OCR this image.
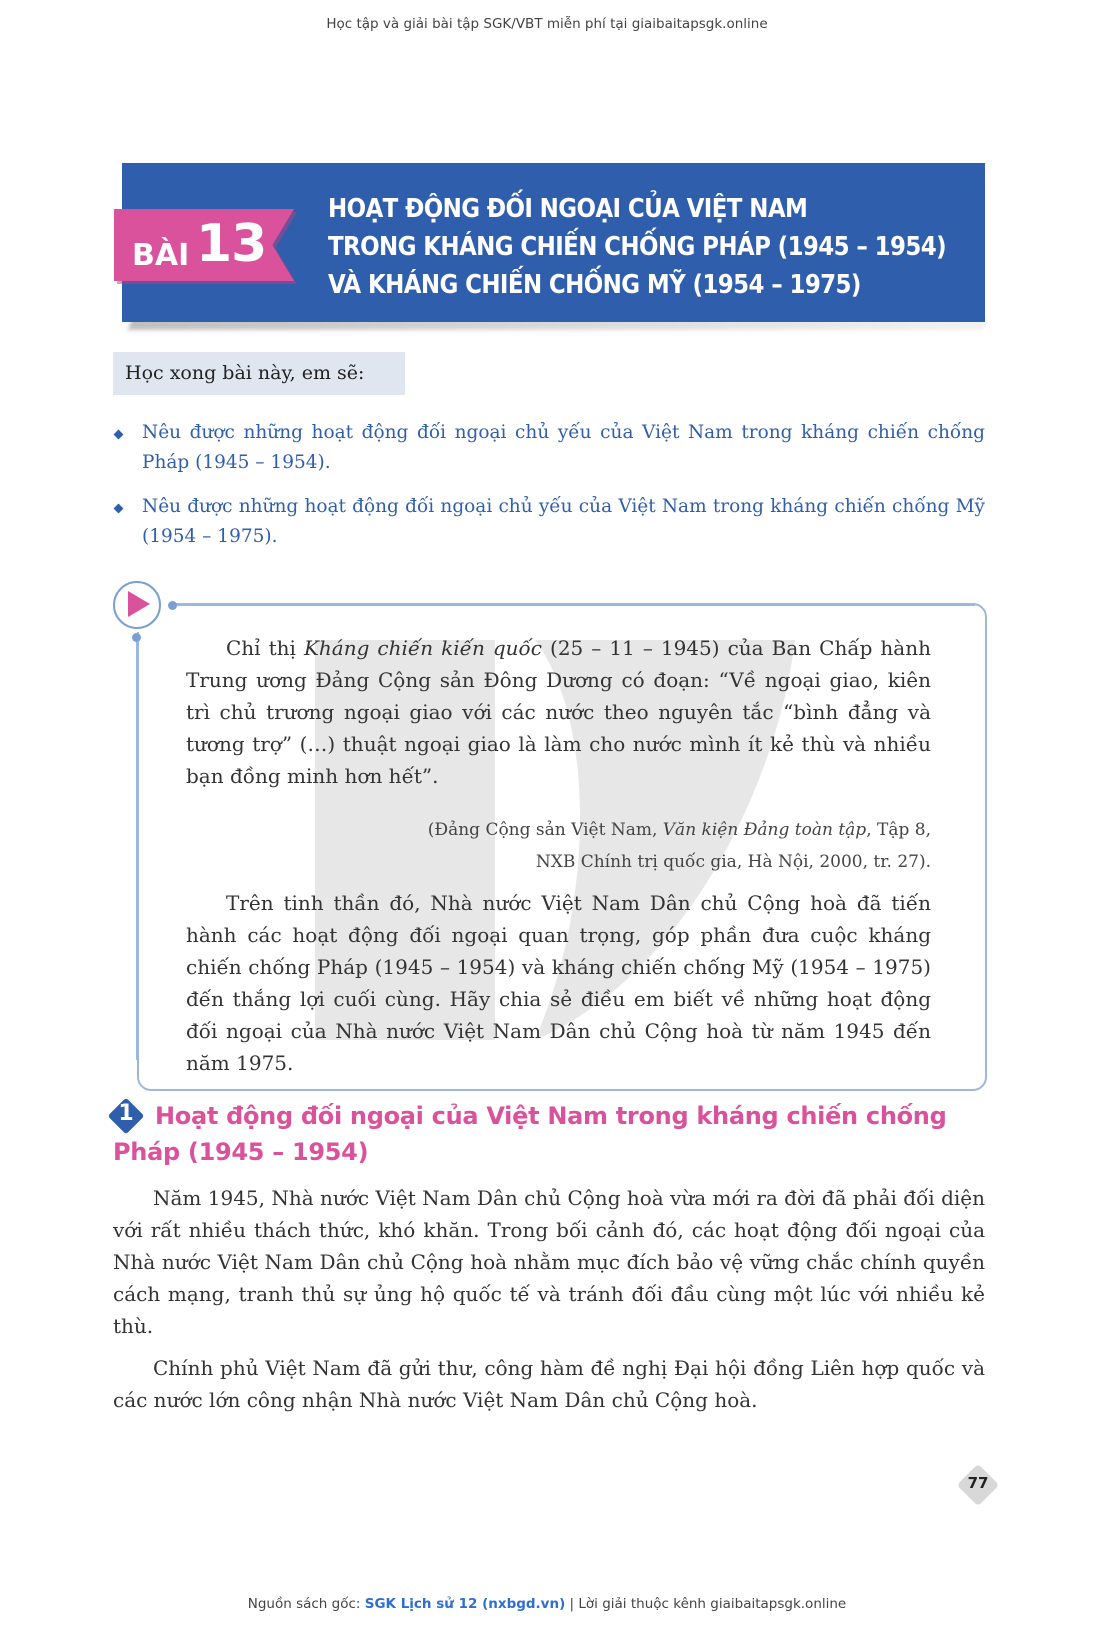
Học tập và giải bài tập SGK/VBT miễn phí tại giaibaitapsgk.online
BÀI 13
HOẠT ĐỘNG ĐỐI NGOẠI CỦA VIỆT NAM
TRONG KHÁNG CHIẾN CHỐNG PHÁP (1945 – 1954)
VÀ KHÁNG CHIẾN CHỐNG MỸ (1954 – 1975)
Học xong bài này, em sẽ:
Nêu được những hoạt động đối ngoại chủ yếu của Việt Nam trong kháng chiến chống Pháp (1945 – 1954).
Nêu được những hoạt động đối ngoại chủ yếu của Việt Nam trong kháng chiến chống Mỹ (1954 – 1975).
Chỉ thị Kháng chiến kiến quốc (25 – 11 – 1945) của Ban Chấp hành Trung ương Đảng Cộng sản Đông Dương có đoạn: “Về ngoại giao, kiên trì chủ trương ngoại giao với các nước theo nguyên tắc “bình đẳng và tương trợ” (…) thuật ngoại giao là làm cho nước mình ít kẻ thù và nhiều bạn đồng minh hơn hết”.
(Đảng Cộng sản Việt Nam, Văn kiện Đảng toàn tập, Tập 8,
NXB Chính trị quốc gia, Hà Nội, 2000, tr. 27).
Trên tinh thần đó, Nhà nước Việt Nam Dân chủ Cộng hoà đã tiến hành các hoạt động đối ngoại quan trọng, góp phần đưa cuộc kháng chiến chống Pháp (1945 – 1954) và kháng chiến chống Mỹ (1954 – 1975) đến thắng lợi cuối cùng. Hãy chia sẻ điều em biết về những hoạt động đối ngoại của Nhà nước Việt Nam Dân chủ Cộng hoà từ năm 1945 đến năm 1975.
1 Hoạt động đối ngoại của Việt Nam trong kháng chiến chống Pháp (1945 – 1954)
Năm 1945, Nhà nước Việt Nam Dân chủ Cộng hoà vừa mới ra đời đã phải đối diện với rất nhiều thách thức, khó khăn. Trong bối cảnh đó, các hoạt động đối ngoại của Nhà nước Việt Nam Dân chủ Cộng hoà nhằm mục đích bảo vệ vững chắc chính quyền cách mạng, tranh thủ sự ủng hộ quốc tế và tránh đối đầu cùng một lúc với nhiều kẻ thù.
Chính phủ Việt Nam đã gửi thư, công hàm đề nghị Đại hội đồng Liên hợp quốc và các nước lớn công nhận Nhà nước Việt Nam Dân chủ Cộng hoà.
77
Nguồn sách gốc: SGK Lịch sử 12 (nxbgd.vn) | Lời giải thuộc kênh giaibaitapsgk.online
